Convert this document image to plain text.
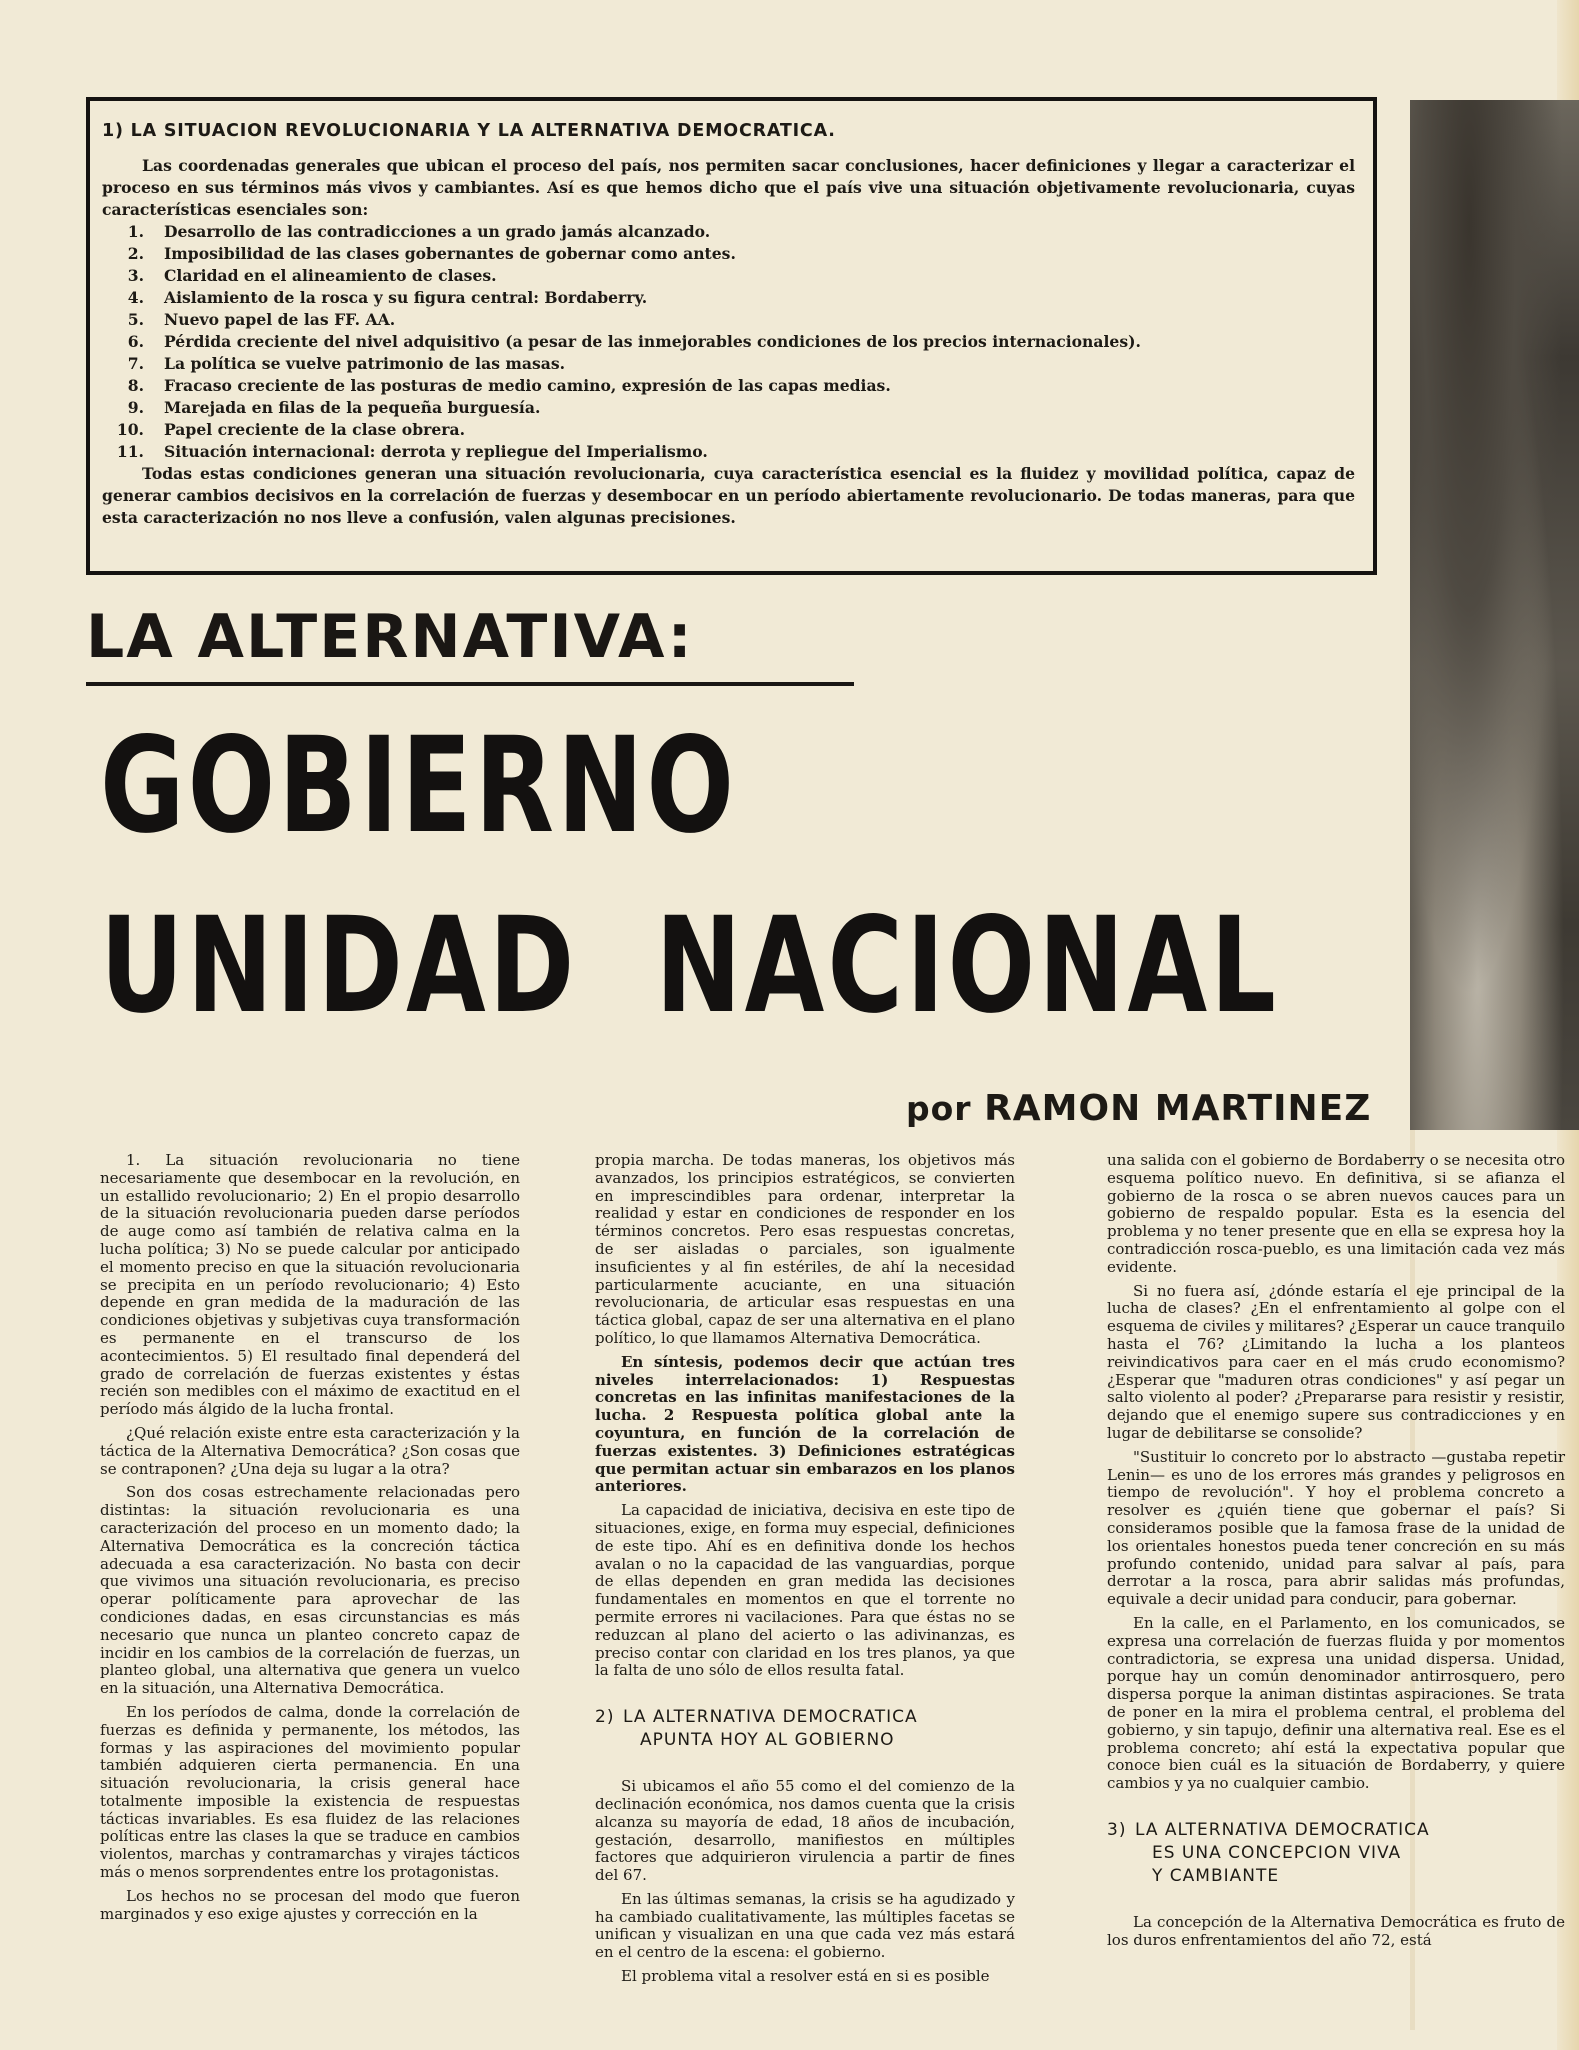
1) LA SITUACION REVOLUCIONARIA Y LA ALTERNATIVA DEMOCRATICA.

Las coordenadas generales que ubican el proceso del país, nos permiten sacar conclusiones, hacer definiciones y llegar a caracterizar el proceso en sus términos más vivos y cambiantes. Así es que hemos dicho que el país vive una situación objetivamente revolucionaria, cuyas características esenciales son:

1. Desarrollo de las contradicciones a un grado jamás alcanzado.
2. Imposibilidad de las clases gobernantes de gobernar como antes.
3. Claridad en el alineamiento de clases.
4. Aislamiento de la rosca y su figura central: Bordaberry.
5. Nuevo papel de las FF. AA.
6. Pérdida creciente del nivel adquisitivo (a pesar de las inmejorables condiciones de los precios internacionales).
7. La política se vuelve patrimonio de las masas.
8. Fracaso creciente de las posturas de medio camino, expresión de las capas medias.
9. Marejada en filas de la pequeña burguesía.
10. Papel creciente de la clase obrera.
11. Situación internacional: derrota y repliegue del Imperialismo.

Todas estas condiciones generan una situación revolucionaria, cuya característica esencial es la fluidez y movilidad política, capaz de generar cambios decisivos en la correlación de fuerzas y desembocar en un período abiertamente revolucionario. De todas maneras, para que esta caracterización no nos lleve a confusión, valen algunas precisiones.

LA ALTERNATIVA:
GOBIERNO
UNIDAD  NACIONAL
por RAMON MARTINEZ

1. La situación revolucionaria no tiene necesariamente que desembocar en la revolución, en un estallido revolucionario; 2) En el propio desarrollo de la situación revolucionaria pueden darse períodos de auge como así también de relativa calma en la lucha política; 3) No se puede calcular por anticipado el momento preciso en que la situación revolucionaria se precipita en un período revolucionario; 4) Esto depende en gran medida de la maduración de las condiciones objetivas y subjetivas cuya transformación es permanente en el transcurso de los acontecimientos. 5) El resultado final dependerá del grado de correlación de fuerzas existentes y éstas recién son medibles con el máximo de exactitud en el período más álgido de la lucha frontal.

¿Qué relación existe entre esta caracterización y la táctica de la Alternativa Democrática? ¿Son cosas que se contraponen? ¿Una deja su lugar a la otra?

Son dos cosas estrechamente relacionadas pero distintas: la situación revolucionaria es una caracterización del proceso en un momento dado; la Alternativa Democrática es la concreción táctica adecuada a esa caracterización. No basta con decir que vivimos una situación revolucionaria, es preciso operar políticamente para aprovechar de las condiciones dadas, en esas circunstancias es más necesario que nunca un planteo concreto capaz de incidir en los cambios de la correlación de fuerzas, un planteo global, una alternativa que genera un vuelco en la situación, una Alternativa Democrática.

En los períodos de calma, donde la correlación de fuerzas es definida y permanente, los métodos, las formas y las aspiraciones del movimiento popular también adquieren cierta permanencia. En una situación revolucionaria, la crisis general hace totalmente imposible la existencia de respuestas tácticas invariables. Es esa fluidez de las relaciones políticas entre las clases la que se traduce en cambios violentos, marchas y contramarchas y virajes tácticos más o menos sorprendentes entre los protagonistas.

Los hechos no se procesan del modo que fueron marginados y eso exige ajustes y corrección en la

propia marcha. De todas maneras, los objetivos más avanzados, los principios estratégicos, se convierten en imprescindibles para ordenar, interpretar la realidad y estar en condiciones de responder en los términos concretos. Pero esas respuestas concretas, de ser aisladas o parciales, son igualmente insuficientes y al fin estériles, de ahí la necesidad particularmente acuciante, en una situación revolucionaria, de articular esas respuestas en una táctica global, capaz de ser una alternativa en el plano político, lo que llamamos Alternativa Democrática.

En síntesis, podemos decir que actúan tres niveles interrelacionados: 1) Respuestas concretas en las infinitas manifestaciones de la lucha. 2 Respuesta política global ante la coyuntura, en función de la correlación de fuerzas existentes. 3) Definiciones estratégicas que permitan actuar sin embarazos en los planos anteriores.

La capacidad de iniciativa, decisiva en este tipo de situaciones, exige, en forma muy especial, definiciones de este tipo. Ahí es en definitiva donde los hechos avalan o no la capacidad de las vanguardias, porque de ellas dependen en gran medida las decisiones fundamentales en momentos en que el torrente no permite errores ni vacilaciones. Para que éstas no se reduzcan al plano del acierto o las adivinanzas, es preciso contar con claridad en los tres planos, ya que la falta de uno sólo de ellos resulta fatal.

2) LA ALTERNATIVA DEMOCRATICA
APUNTA HOY AL GOBIERNO

Si ubicamos el año 55 como el del comienzo de la declinación económica, nos damos cuenta que la crisis alcanza su mayoría de edad, 18 años de incubación, gestación, desarrollo, manifiestos en múltiples factores que adquirieron virulencia a partir de fines del 67.

En las últimas semanas, la crisis se ha agudizado y ha cambiado cualitativamente, las múltiples facetas se unifican y visualizan en una que cada vez más estará en el centro de la escena: el gobierno.

El problema vital a resolver está en si es posible

una salida con el gobierno de Bordaberry o se necesita otro esquema político nuevo. En definitiva, si se afianza el gobierno de la rosca o se abren nuevos cauces para un gobierno de respaldo popular. Esta es la esencia del problema y no tener presente que en ella se expresa hoy la contradicción rosca-pueblo, es una limitación cada vez más evidente.

Si no fuera así, ¿dónde estaría el eje principal de la lucha de clases? ¿En el enfrentamiento al golpe con el esquema de civiles y militares? ¿Esperar un cauce tranquilo hasta el 76? ¿Limitando la lucha a los planteos reivindicativos para caer en el más crudo economismo? ¿Esperar que "maduren otras condiciones" y así pegar un salto violento al poder? ¿Prepararse para resistir y resistir, dejando que el enemigo supere sus contradicciones y en lugar de debilitarse se consolide?

"Sustituir lo concreto por lo abstracto —gustaba repetir Lenin— es uno de los errores más grandes y peligrosos en tiempo de revolución". Y hoy el problema concreto a resolver es ¿quién tiene que gobernar el país? Si consideramos posible que la famosa frase de la unidad de los orientales honestos pueda tener concreción en su más profundo contenido, unidad para salvar al país, para derrotar a la rosca, para abrir salidas más profundas, equivale a decir unidad para conducir, para gobernar.

En la calle, en el Parlamento, en los comunicados, se expresa una correlación de fuerzas fluida y por momentos contradictoria, se expresa una unidad dispersa. Unidad, porque hay un común denominador antirrosquero, pero dispersa porque la animan distintas aspiraciones. Se trata de poner en la mira el problema central, el problema del gobierno, y sin tapujo, definir una alternativa real. Ese es el problema concreto; ahí está la expectativa popular que conoce bien cuál es la situación de Bordaberry, y quiere cambios y ya no cualquier cambio.

3) LA ALTERNATIVA DEMOCRATICA
ES UNA CONCEPCION VIVA
Y CAMBIANTE

La concepción de la Alternativa Democrática es fruto de los duros enfrentamientos del año 72, está
